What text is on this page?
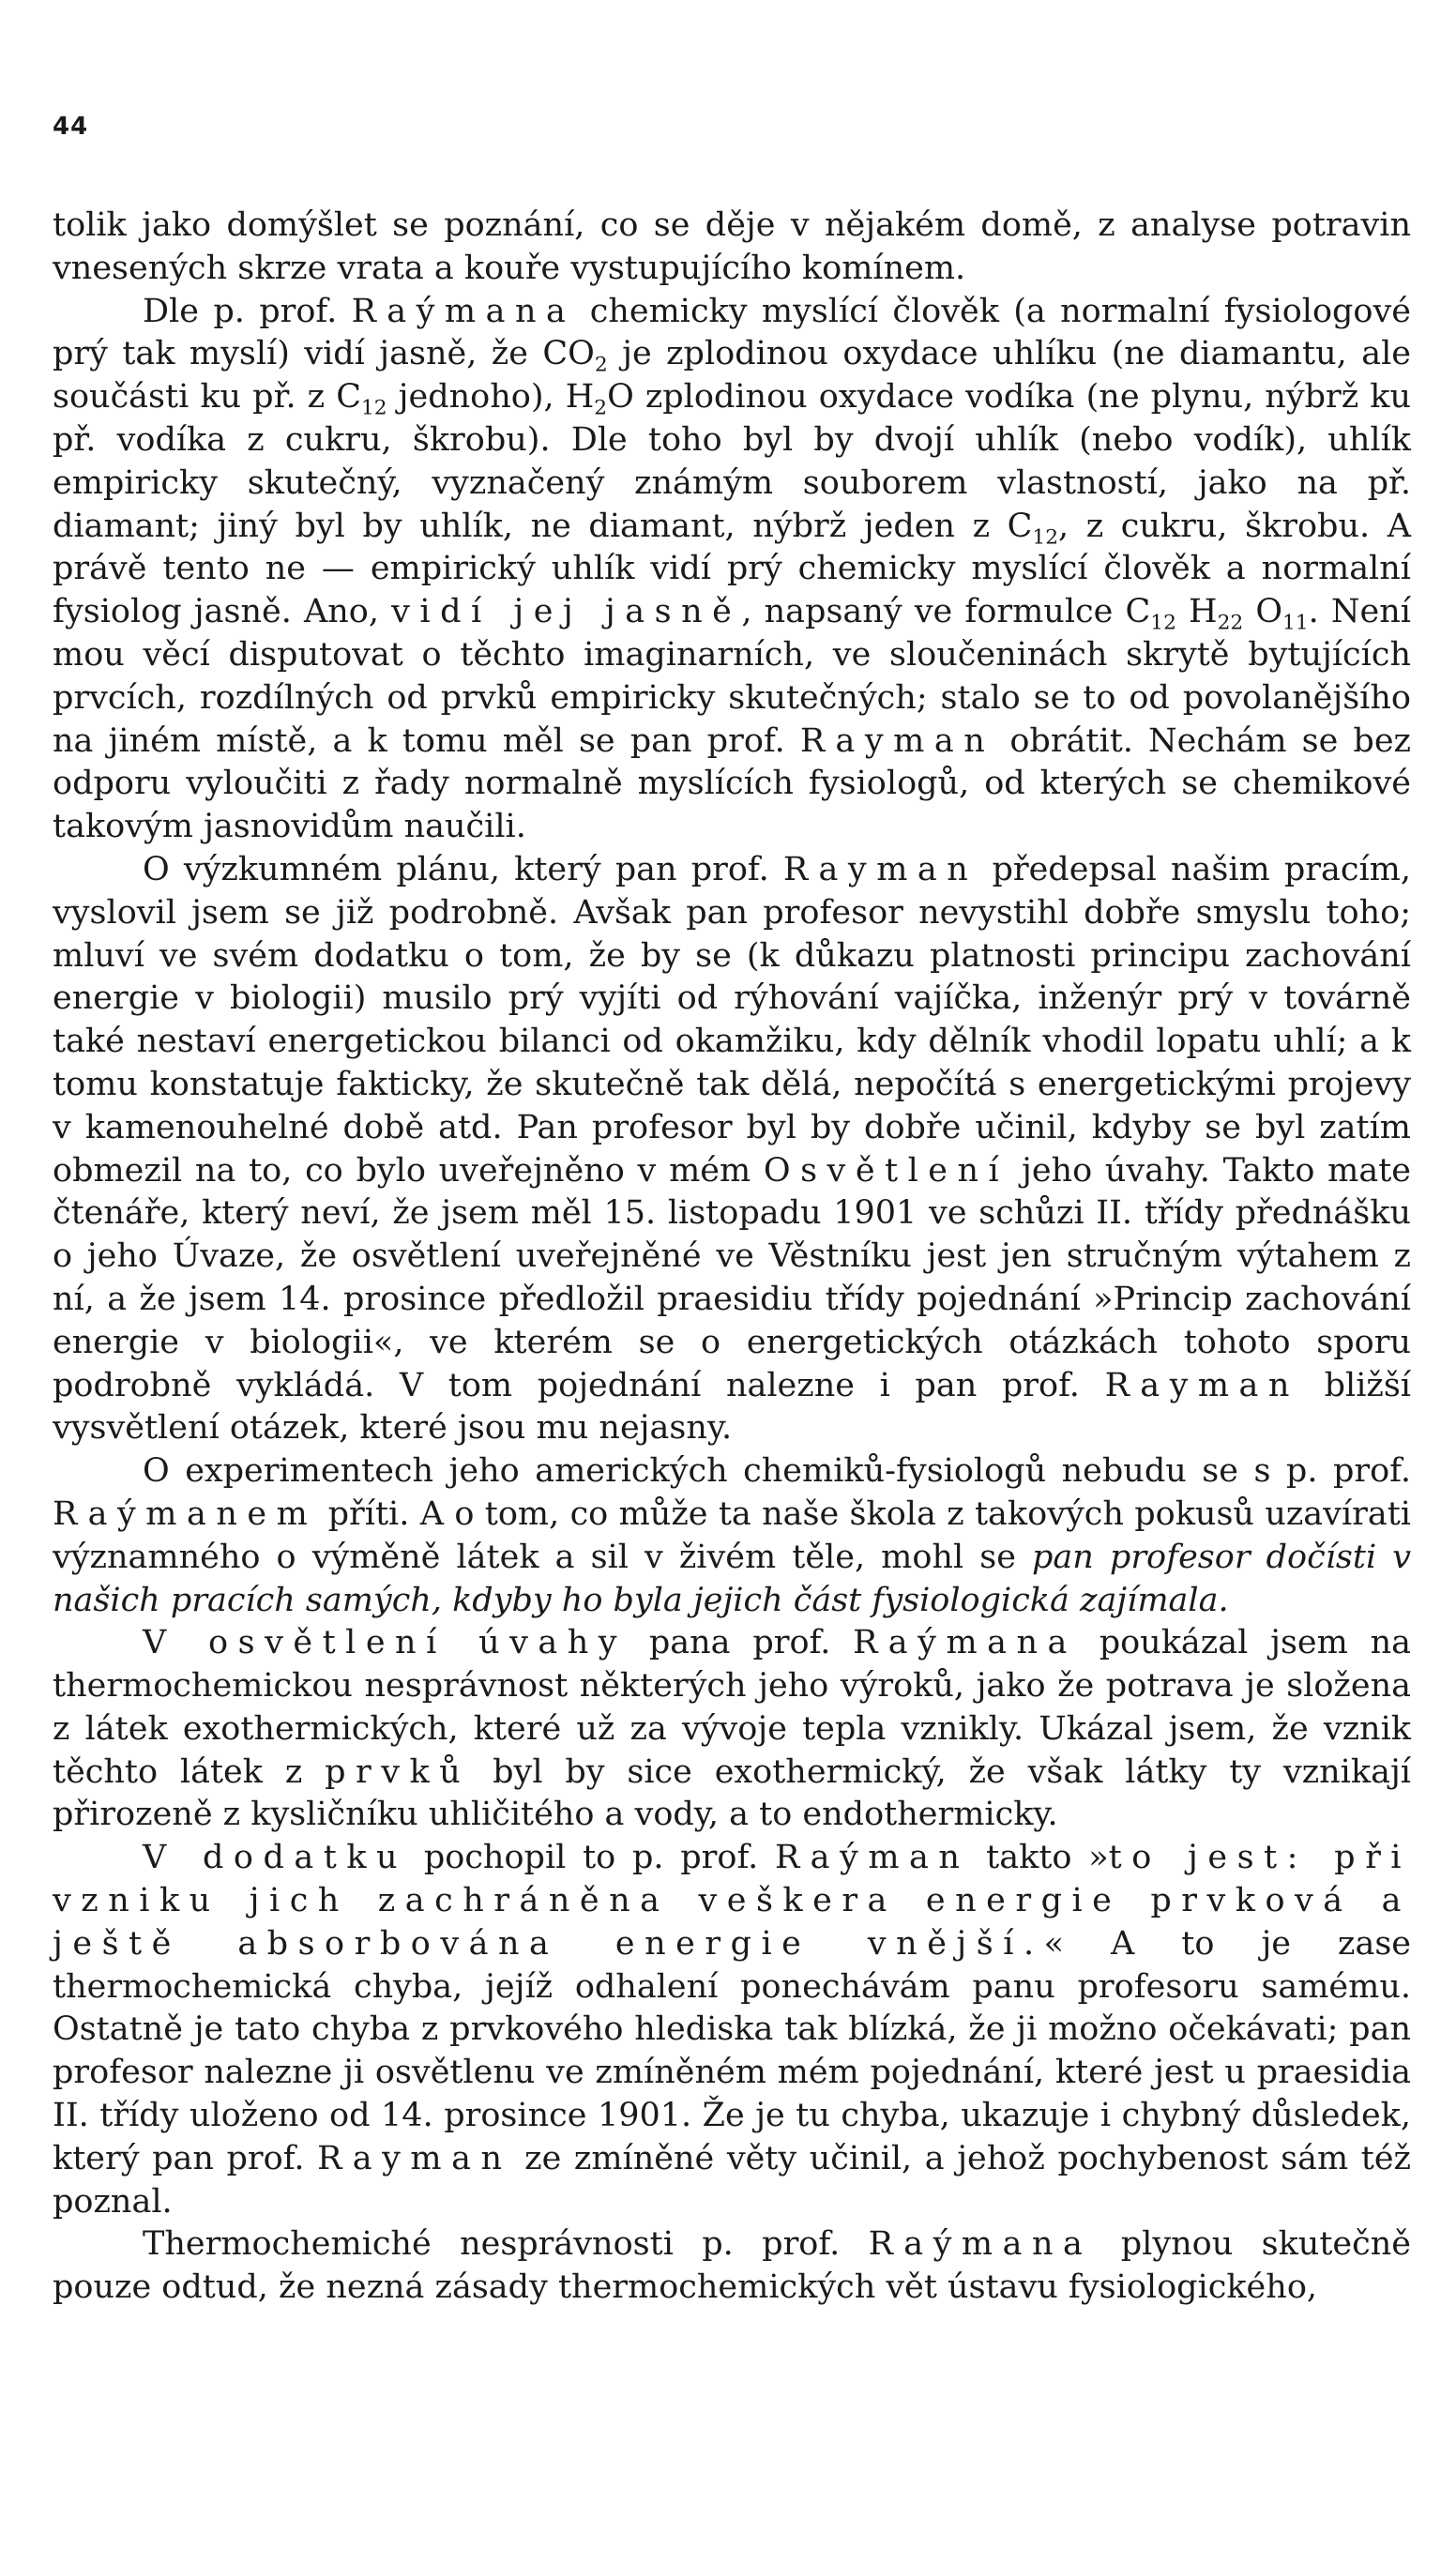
44

tolik jako domýšlet se poznání, co se děje v nějakém domě, z analyse potravin vnesených skrze vrata a kouře vystupujícího komínem.

Dle p. prof. Raýmana chemicky myslící člověk (a normalní fysiologové prý tak myslí) vidí jasně, že $CO_2$ je zplodinou oxydace uhlíku (ne diamantu, ale součásti ku př. z $C_{12}$ jednoho), $H_2O$ zplodinou oxydace vodíka (ne plynu, nýbrž ku př. vodíka z cukru, škrobu). Dle toho byl by dvojí uhlík (nebo vodík), uhlík empiricky skutečný, vyznačený známým souborem vlastností, jako na př. diamant; jiný byl by uhlík, ne diamant, nýbrž jeden z $C_{12}$, z cukru, škrobu. A právě tento ne — empirický uhlík vidí prý chemicky myslící člověk a normalní fysiolog jasně. Ano, vidí jej jasně, napsaný ve formulce $C_{12}$ $H_{22}$ $O_{11}$. Není mou věcí disputovat o těchto imaginarních, ve sloučeninách skrytě bytujících prvcích, rozdílných od prvků empiricky skutečných; stalo se to od povolanějšího na jiném místě, a k tomu měl se pan prof. Rayman obrátit. Nechám se bez odporu vyloučiti z řady normalně myslících fysiologů, od kterých se chemikové takovým jasnovidům naučili.

O výzkumném plánu, který pan prof. Rayman předepsal našim pracím, vyslovil jsem se již podrobně. Avšak pan profesor nevystihl dobře smyslu toho; mluví ve svém dodatku o tom, že by se (k důkazu platnosti principu zachování energie v biologii) musilo prý vyjíti od rýhování vajíčka, inženýr prý v továrně také nestaví energetickou bilanci od okamžiku, kdy dělník vhodil lopatu uhlí; a k tomu konstatuje fakticky, že skutečně tak dělá, nepočítá s energetickými projevy v kamenouhelné době atd. Pan profesor byl by dobře učinil, kdyby se byl zatím obmezil na to, co bylo uveřejněno v mém Osvětlení jeho úvahy. Takto mate čtenáře, který neví, že jsem měl 15. listopadu 1901 ve schůzi II. třídy přednášku o jeho Úvaze, že osvětlení uveřejněné ve Věstníku jest jen stručným výtahem z ní, a že jsem 14. prosince předložil praesidiu třídy pojednání »Princip zachování energie v biologii«, ve kterém se o energetických otázkách tohoto sporu podrobně vykládá. V tom pojednání nalezne i pan prof. Rayman bližší vysvětlení otázek, které jsou mu nejasny.

O experimentech jeho amerických chemiků-fysiologů nebudu se s p. prof. Raýmanem příti. A o tom, co může ta naše škola z takových pokusů uzavírati významného o výměně látek a sil v živém těle, mohl se pan profesor dočísti v našich pracích samých, kdyby ho byla jejich část fysiologická zajímala.

V osvětlení úvahy pana prof. Raýmana poukázal jsem na thermochemickou nesprávnost některých jeho výroků, jako že potrava je složena z látek exothermických, které už za vývoje tepla vznikly. Ukázal jsem, že vznik těchto látek z prvků byl by sice exothermický, že však látky ty vznikají přirozeně z kysličníku uhličitého a vody, a to endothermicky.

V dodatku pochopil to p. prof. Raýman takto »to jest: při vzniku jich zachráněna veškera energie prvková a ještě absorbována energie vnější.« A to je zase thermochemická chyba, jejíž odhalení ponechávám panu profesoru samému. Ostatně je tato chyba z prvkového hlediska tak blízká, že ji možno očekávati; pan profesor nalezne ji osvětlenu ve zmíněném mém pojednání, které jest u praesidia II. třídy uloženo od 14. prosince 1901. Že je tu chyba, ukazuje i chybný důsledek, který pan prof. Rayman ze zmíněné věty učinil, a jehož pochybenost sám též poznal.

Thermochemiché nesprávnosti p. prof. Raýmana plynou skutečně pouze odtud, že nezná zásady thermochemických vět ústavu fysiologického,
